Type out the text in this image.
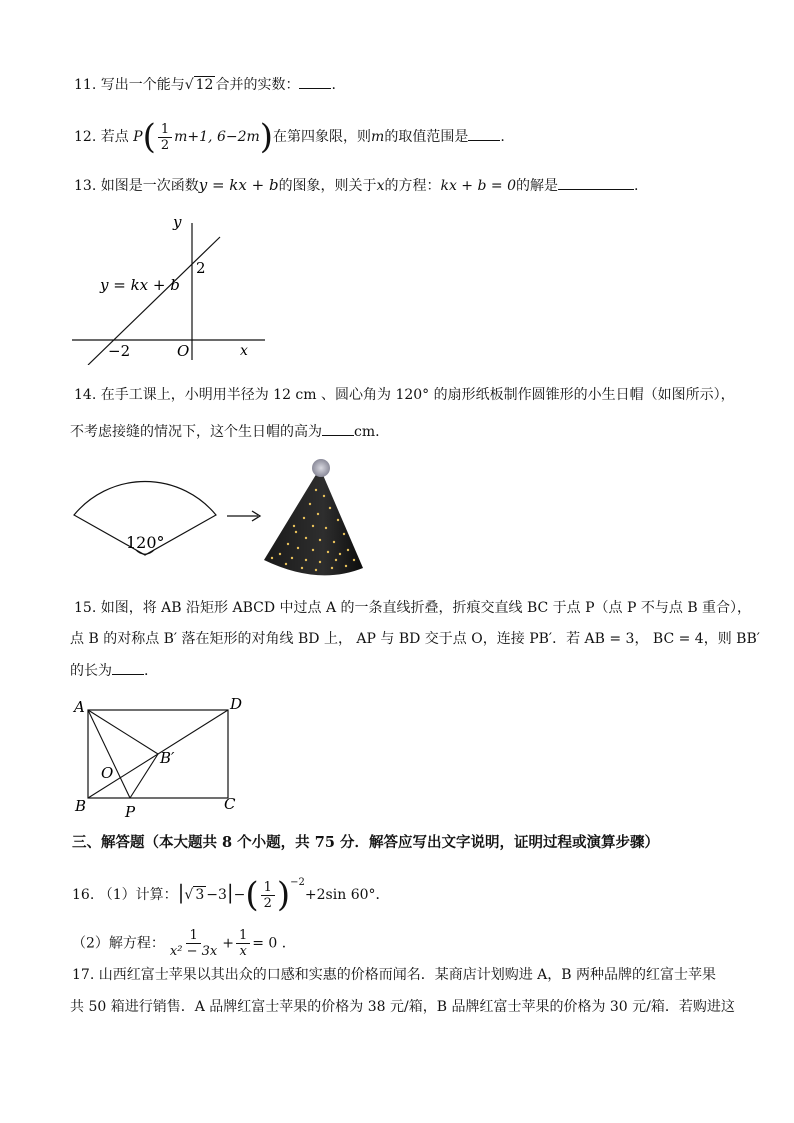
11. 写出一个能与√ 12 合并的实数： .
12. 若点 $P( \frac{1}{2} m+1$, 6−2m)在第四象限，则m的取值范围是 .
13. 如图是一次函数y = kx + b的图象，则关于x的方程：kx + b = 0的解是	.
y
x
O
2
−2
y = kx + b
14. 在手工课上，小明用半径为 12 cm 、圆心角为 120° 的扇形纸板制作圆锥形的小生日帽（如图所示），
不考虑接缝的情况下，这个生日帽的高为 cm.
120°
15. 如图，将 AB 沿矩形 ABCD 中过点 A 的一条直线折叠，折痕交直线 BC 于点 P（点 P 不与点 B 重合），
点 B 的对称点 B′ 落在矩形的对角线 BD 上， AP 与 BD 交于点 O，连接 PB′．若 AB = 3， BC = 4，则 BB′
的长为 .
A	D
B	C
P
O
B′
三、解答题（本大题共 8 个小题，共 75 分．解答应写出文字说明，证明过程或演算步骤）
16. （1）计算：|√ $3 -3|-( \frac{1}{2} )^{-2}+2\sin$ 60°．
（2）解方程： $\frac{1}{\text{x² − 3x}} + \frac{1}{x} = 0$ ．
17. 山西红富士苹果以其出众的口感和实惠的价格而闻名．某商店计划购进 A，B 两种品牌的红富士苹果
共 50 箱进行销售．A 品牌红富士苹果的价格为 38 元/箱，B 品牌红富士苹果的价格为 30 元/箱．若购进这
